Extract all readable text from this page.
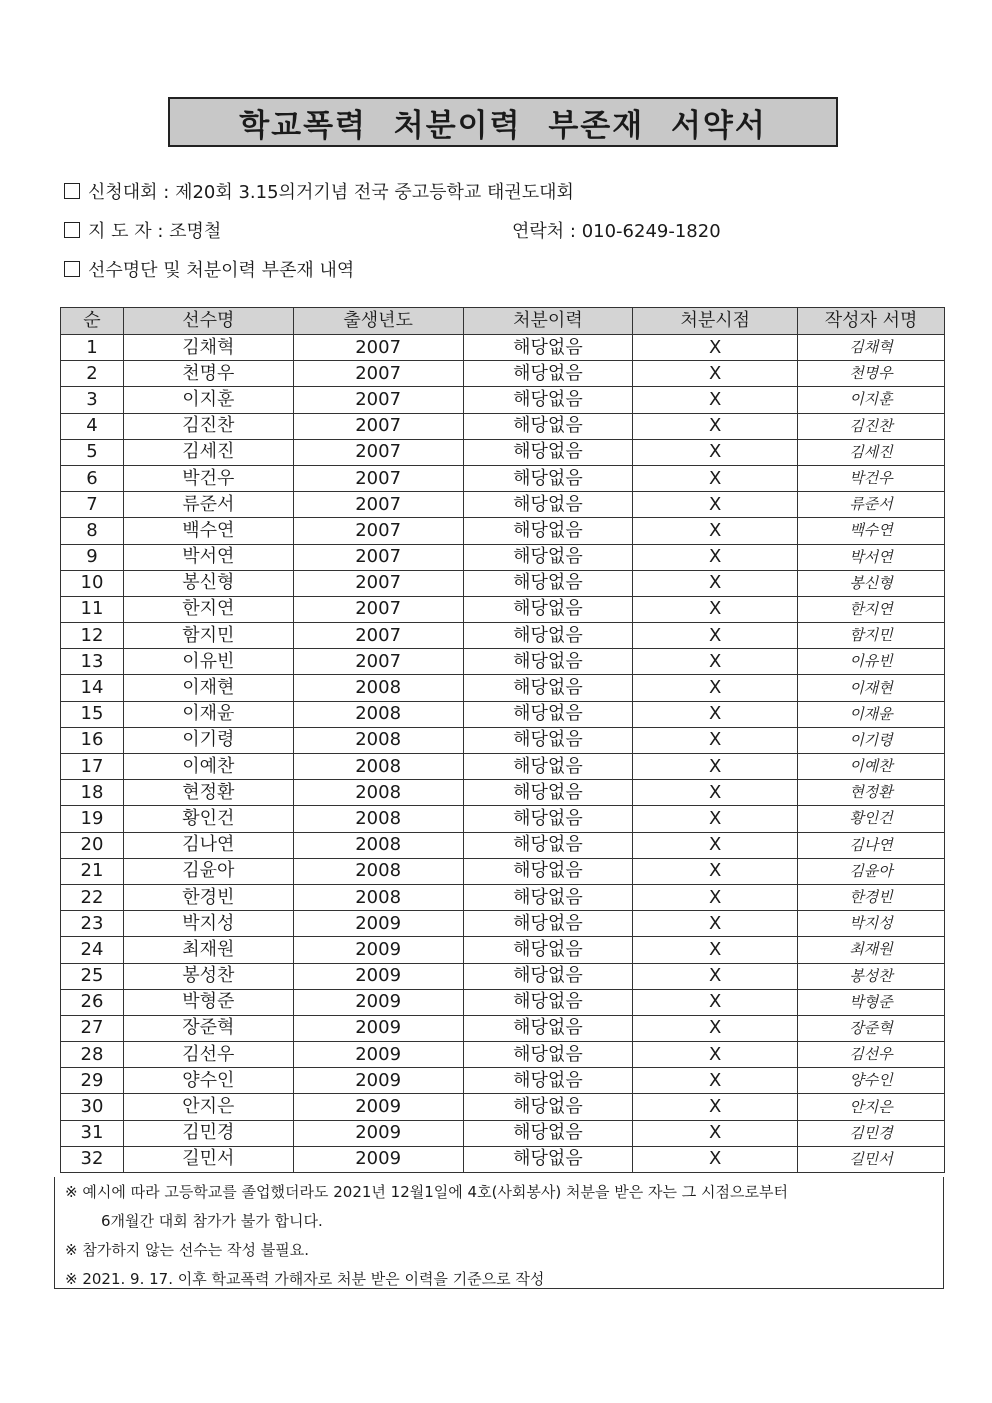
학교폭력 처분이력 부존재 서약서
신청대회 : 제20회 3.15의거기념 전국 중고등학교 태권도대회
지 도 자 : 조명철	연락처 : 010-6249-1820
선수명단 및 처분이력 부존재 내역
순	선수명	출생년도	처분이력	처분시점	작성자 서명
1	김채혁	2007	해당없음	X	김채혁
2	천명우	2007	해당없음	X	천명우
3	이지훈	2007	해당없음	X	이지훈
4	김진찬	2007	해당없음	X	김진찬
5	김세진	2007	해당없음	X	김세진
6	박건우	2007	해당없음	X	박건우
7	류준서	2007	해당없음	X	류준서
8	백수연	2007	해당없음	X	백수연
9	박서연	2007	해당없음	X	박서연
10	봉신형	2007	해당없음	X	봉신형
11	한지연	2007	해당없음	X	한지연
12	함지민	2007	해당없음	X	함지민
13	이유빈	2007	해당없음	X	이유빈
14	이재현	2008	해당없음	X	이재현
15	이재윤	2008	해당없음	X	이재윤
16	이기령	2008	해당없음	X	이기령
17	이예찬	2008	해당없음	X	이예찬
18	현정환	2008	해당없음	X	현정환
19	황인건	2008	해당없음	X	황인건
20	김나연	2008	해당없음	X	김나연
21	김윤아	2008	해당없음	X	김윤아
22	한경빈	2008	해당없음	X	한경빈
23	박지성	2009	해당없음	X	박지성
24	최재원	2009	해당없음	X	최재원
25	봉성찬	2009	해당없음	X	봉성찬
26	박형준	2009	해당없음	X	박형준
27	장준혁	2009	해당없음	X	장준혁
28	김선우	2009	해당없음	X	김선우
29	양수인	2009	해당없음	X	양수인
30	안지은	2009	해당없음	X	안지은
31	김민경	2009	해당없음	X	김민경
32	길민서	2009	해당없음	X	길민서

※ 예시에 따라 고등학교를 졸업했더라도 2021년 12월1일에 4호(사회봉사) 처분을 받은 자는 그 시점으로부터

6개월간 대회 참가가 불가 합니다.

※ 참가하지 않는 선수는 작성 불필요.

※ 2021. 9. 17. 이후 학교폭력 가해자로 처분 받은 이력을 기준으로 작성
